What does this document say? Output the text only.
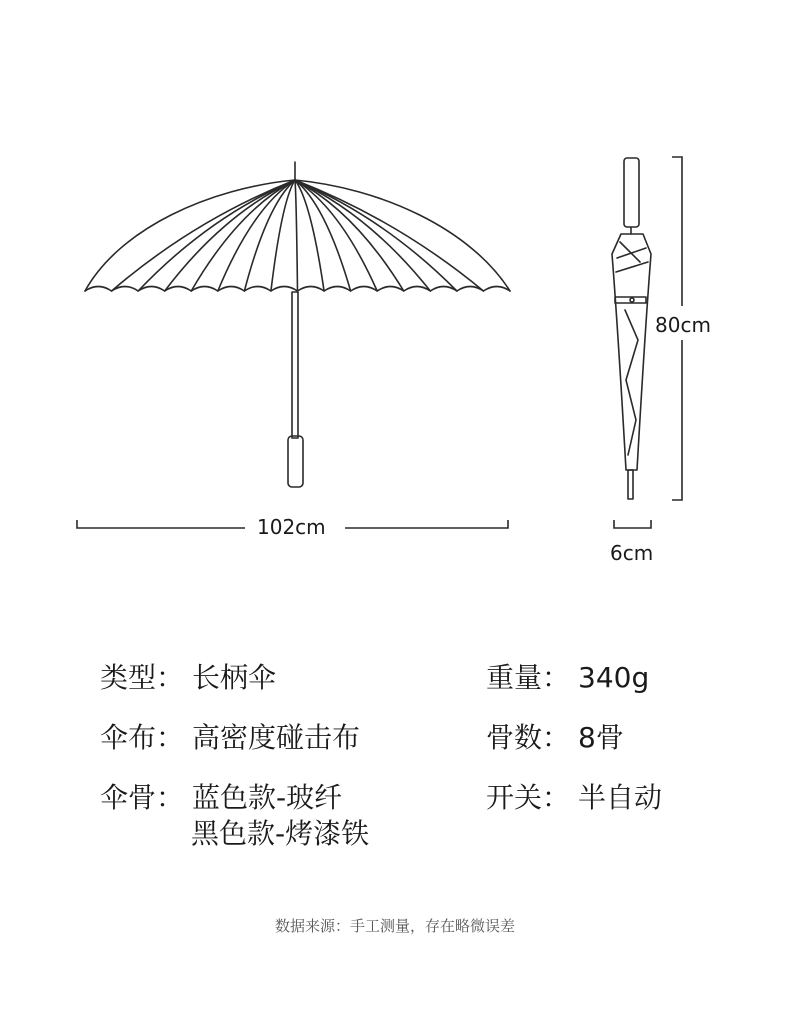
102cm
80cm
6cm
类型： 长柄伞
伞布： 高密度碰击布
伞骨： 蓝色款-玻纤
黑色款-烤漆铁
重量： 340g
骨数： 8骨
开关： 半自动
数据来源：手工测量，存在略微误差
